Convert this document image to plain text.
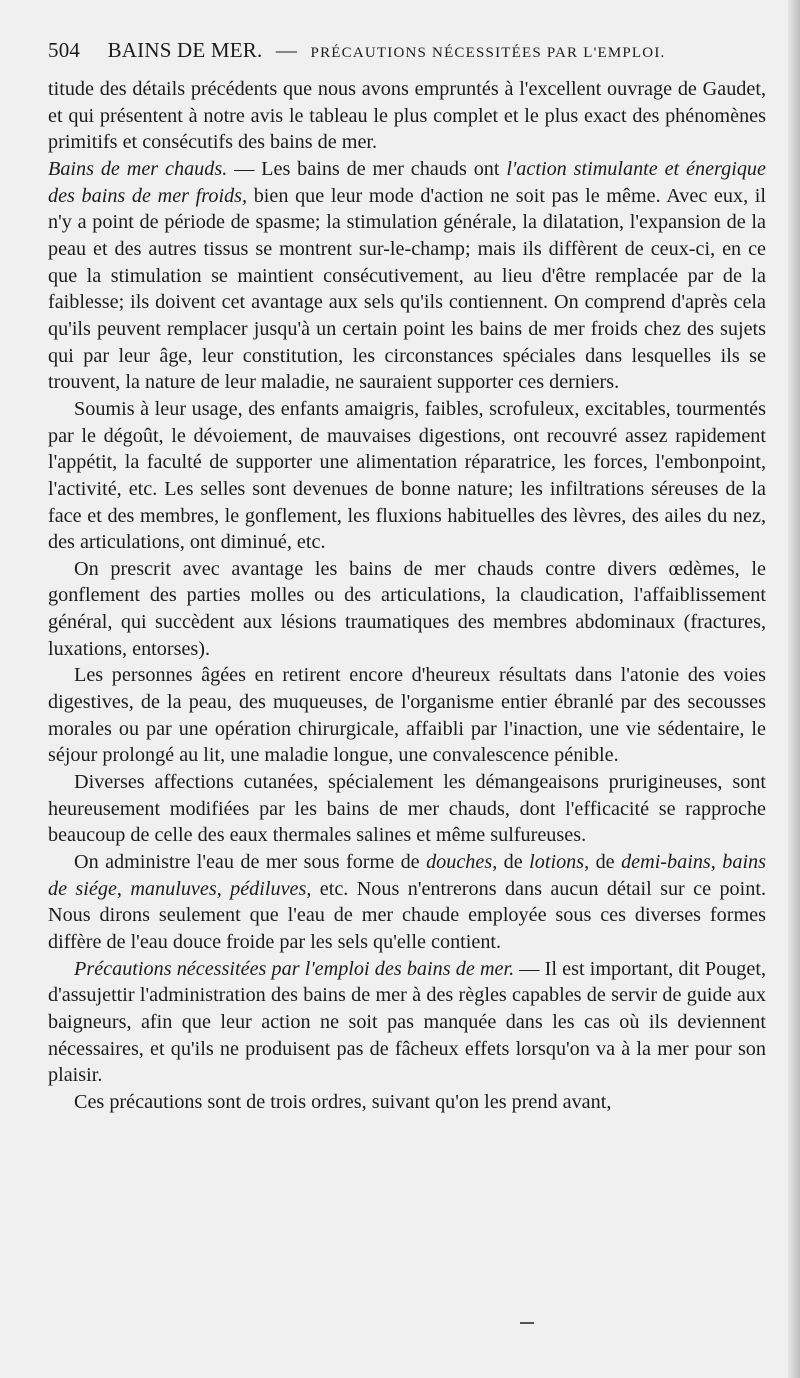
504 BAINS DE MER. — PRÉCAUTIONS NÉCESSITÉES PAR L'EMPLOI.

titude des détails précédents que nous avons empruntés à l'excellent ouvrage de Gaudet, et qui présentent à notre avis le tableau le plus complet et le plus exact des phénomènes primitifs et consécutifs des bains de mer.

Bains de mer chauds. — Les bains de mer chauds ont l'action stimulante et énergique des bains de mer froids, bien que leur mode d'action ne soit pas le même. Avec eux, il n'y a point de période de spasme; la stimulation générale, la dilatation, l'expansion de la peau et des autres tissus se montrent sur-le-champ; mais ils diffèrent de ceux-ci, en ce que la stimulation se maintient consécutivement, au lieu d'être remplacée par de la faiblesse; ils doivent cet avantage aux sels qu'ils contiennent. On comprend d'après cela qu'ils peuvent remplacer jusqu'à un certain point les bains de mer froids chez des sujets qui par leur âge, leur constitution, les circonstances spéciales dans lesquelles ils se trouvent, la nature de leur maladie, ne sauraient supporter ces derniers.

Soumis à leur usage, des enfants amaigris, faibles, scrofuleux, excitables, tourmentés par le dégoût, le dévoiement, de mauvaises digestions, ont recouvré assez rapidement l'appétit, la faculté de supporter une alimentation réparatrice, les forces, l'embonpoint, l'activité, etc. Les selles sont devenues de bonne nature; les infiltrations séreuses de la face et des membres, le gonflement, les fluxions habituelles des lèvres, des ailes du nez, des articulations, ont diminué, etc.

On prescrit avec avantage les bains de mer chauds contre divers œdèmes, le gonflement des parties molles ou des articulations, la claudication, l'affaiblissement général, qui succèdent aux lésions traumatiques des membres abdominaux (fractures, luxations, entorses).

Les personnes âgées en retirent encore d'heureux résultats dans l'atonie des voies digestives, de la peau, des muqueuses, de l'organisme entier ébranlé par des secousses morales ou par une opération chirurgicale, affaibli par l'inaction, une vie sédentaire, le séjour prolongé au lit, une maladie longue, une convalescence pénible.

Diverses affections cutanées, spécialement les démangeaisons prurigineuses, sont heureusement modifiées par les bains de mer chauds, dont l'efficacité se rapproche beaucoup de celle des eaux thermales salines et même sulfureuses.

On administre l'eau de mer sous forme de douches, de lotions, de demi-bains, bains de siége, manuluves, pédiluves, etc. Nous n'entrerons dans aucun détail sur ce point. Nous dirons seulement que l'eau de mer chaude employée sous ces diverses formes diffère de l'eau douce froide par les sels qu'elle contient.

Précautions nécessitées par l'emploi des bains de mer. — Il est important, dit Pouget, d'assujettir l'administration des bains de mer à des règles capables de servir de guide aux baigneurs, afin que leur action ne soit pas manquée dans les cas où ils deviennent nécessaires, et qu'ils ne produisent pas de fâcheux effets lorsqu'on va à la mer pour son plaisir.

Ces précautions sont de trois ordres, suivant qu'on les prend avant,
